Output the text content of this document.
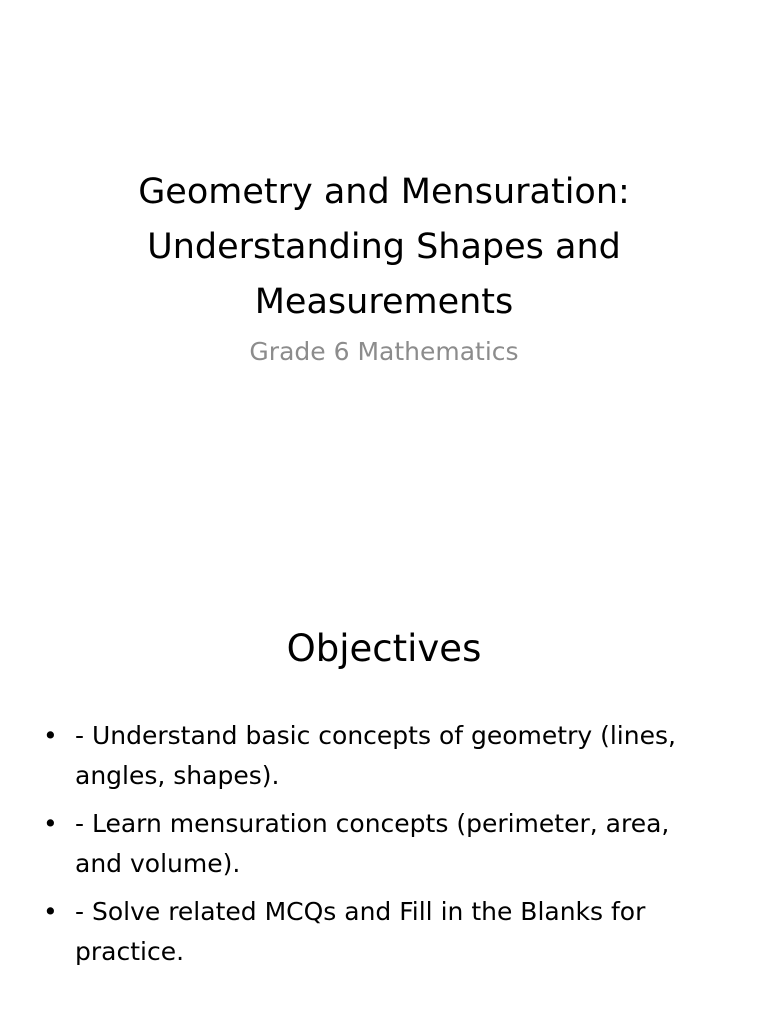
Geometry and Mensuration: Understanding Shapes and Measurements

Grade 6 Mathematics

Objectives
• - Understand basic concepts of geometry (lines, angles, shapes).
• - Learn mensuration concepts (perimeter, area, and volume).
• - Solve related MCQs and Fill in the Blanks for practice.
